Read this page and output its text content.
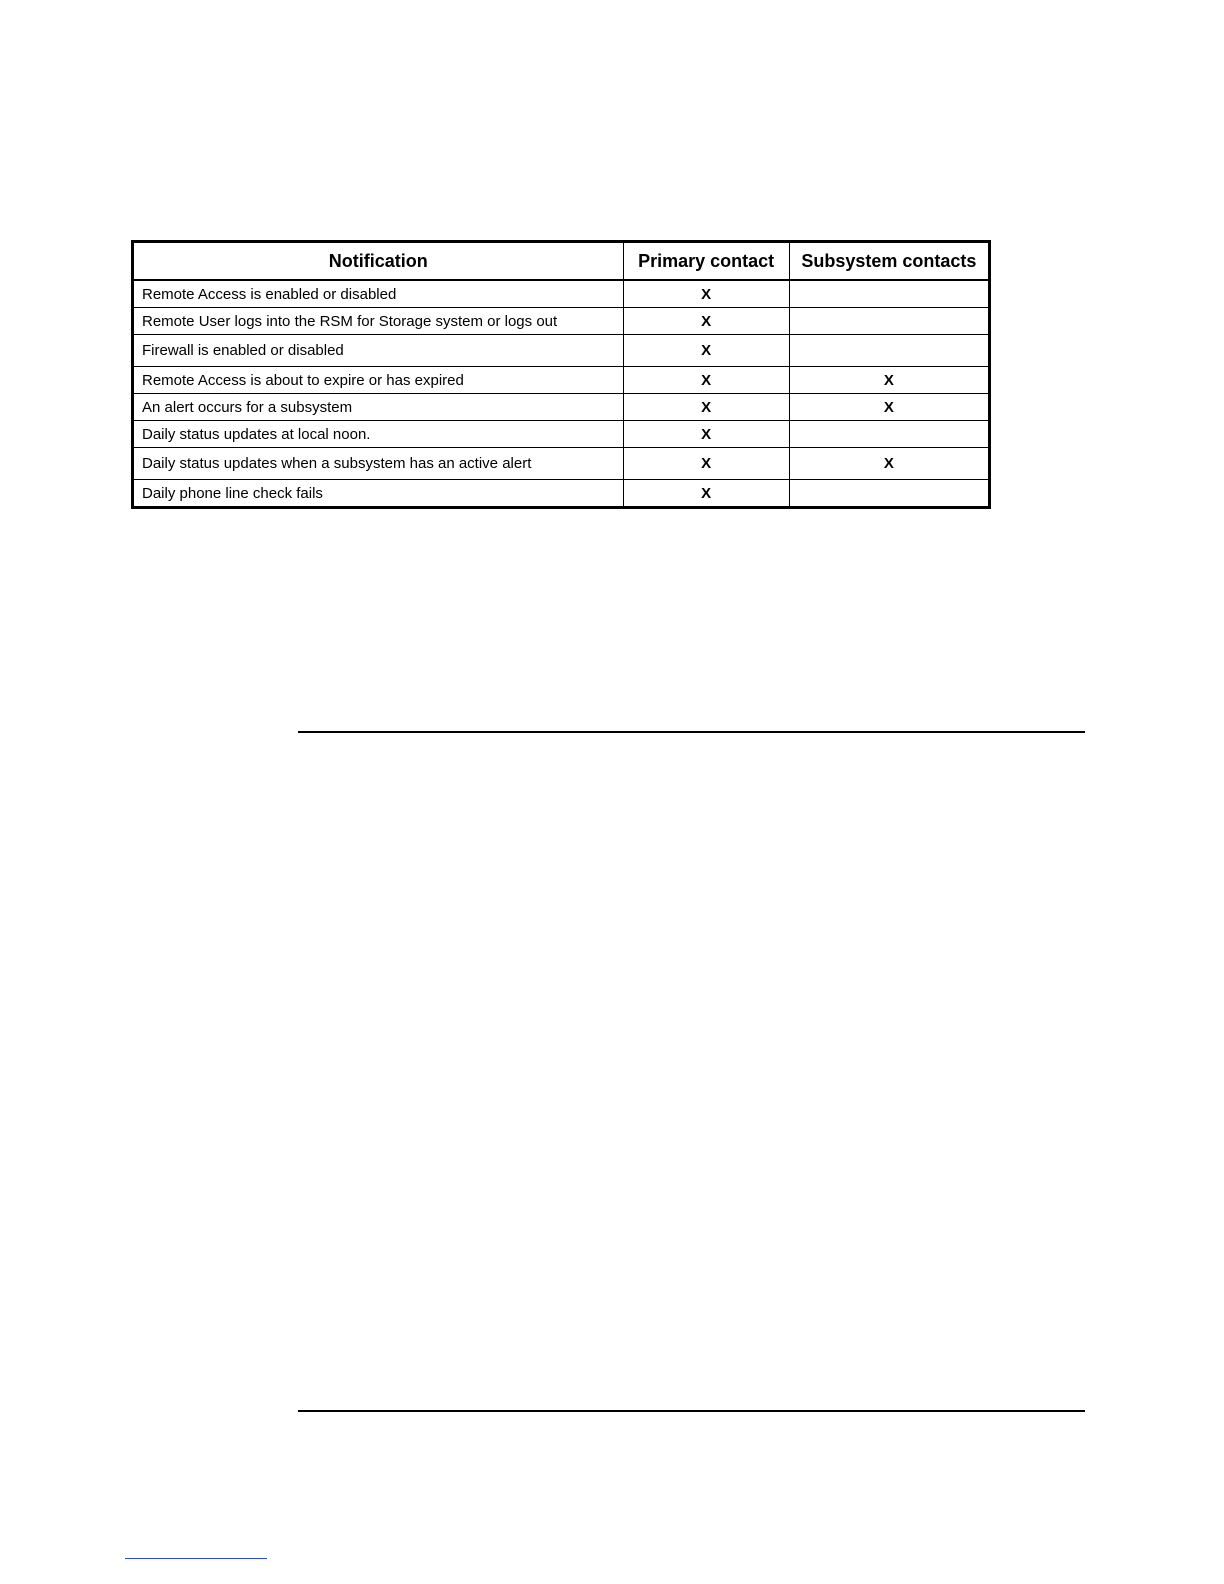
Notification	Primary contact	Subsystem contacts
Remote Access is enabled or disabled	X	
Remote User logs into the RSM for Storage system or logs out	X	
Firewall is enabled or disabled	X	
Remote Access is about to expire or has expired	X	X
An alert occurs for a subsystem	X	X
Daily status updates at local noon.	X	
Daily status updates when a subsystem has an active alert	X	X
Daily phone line check fails	X	
